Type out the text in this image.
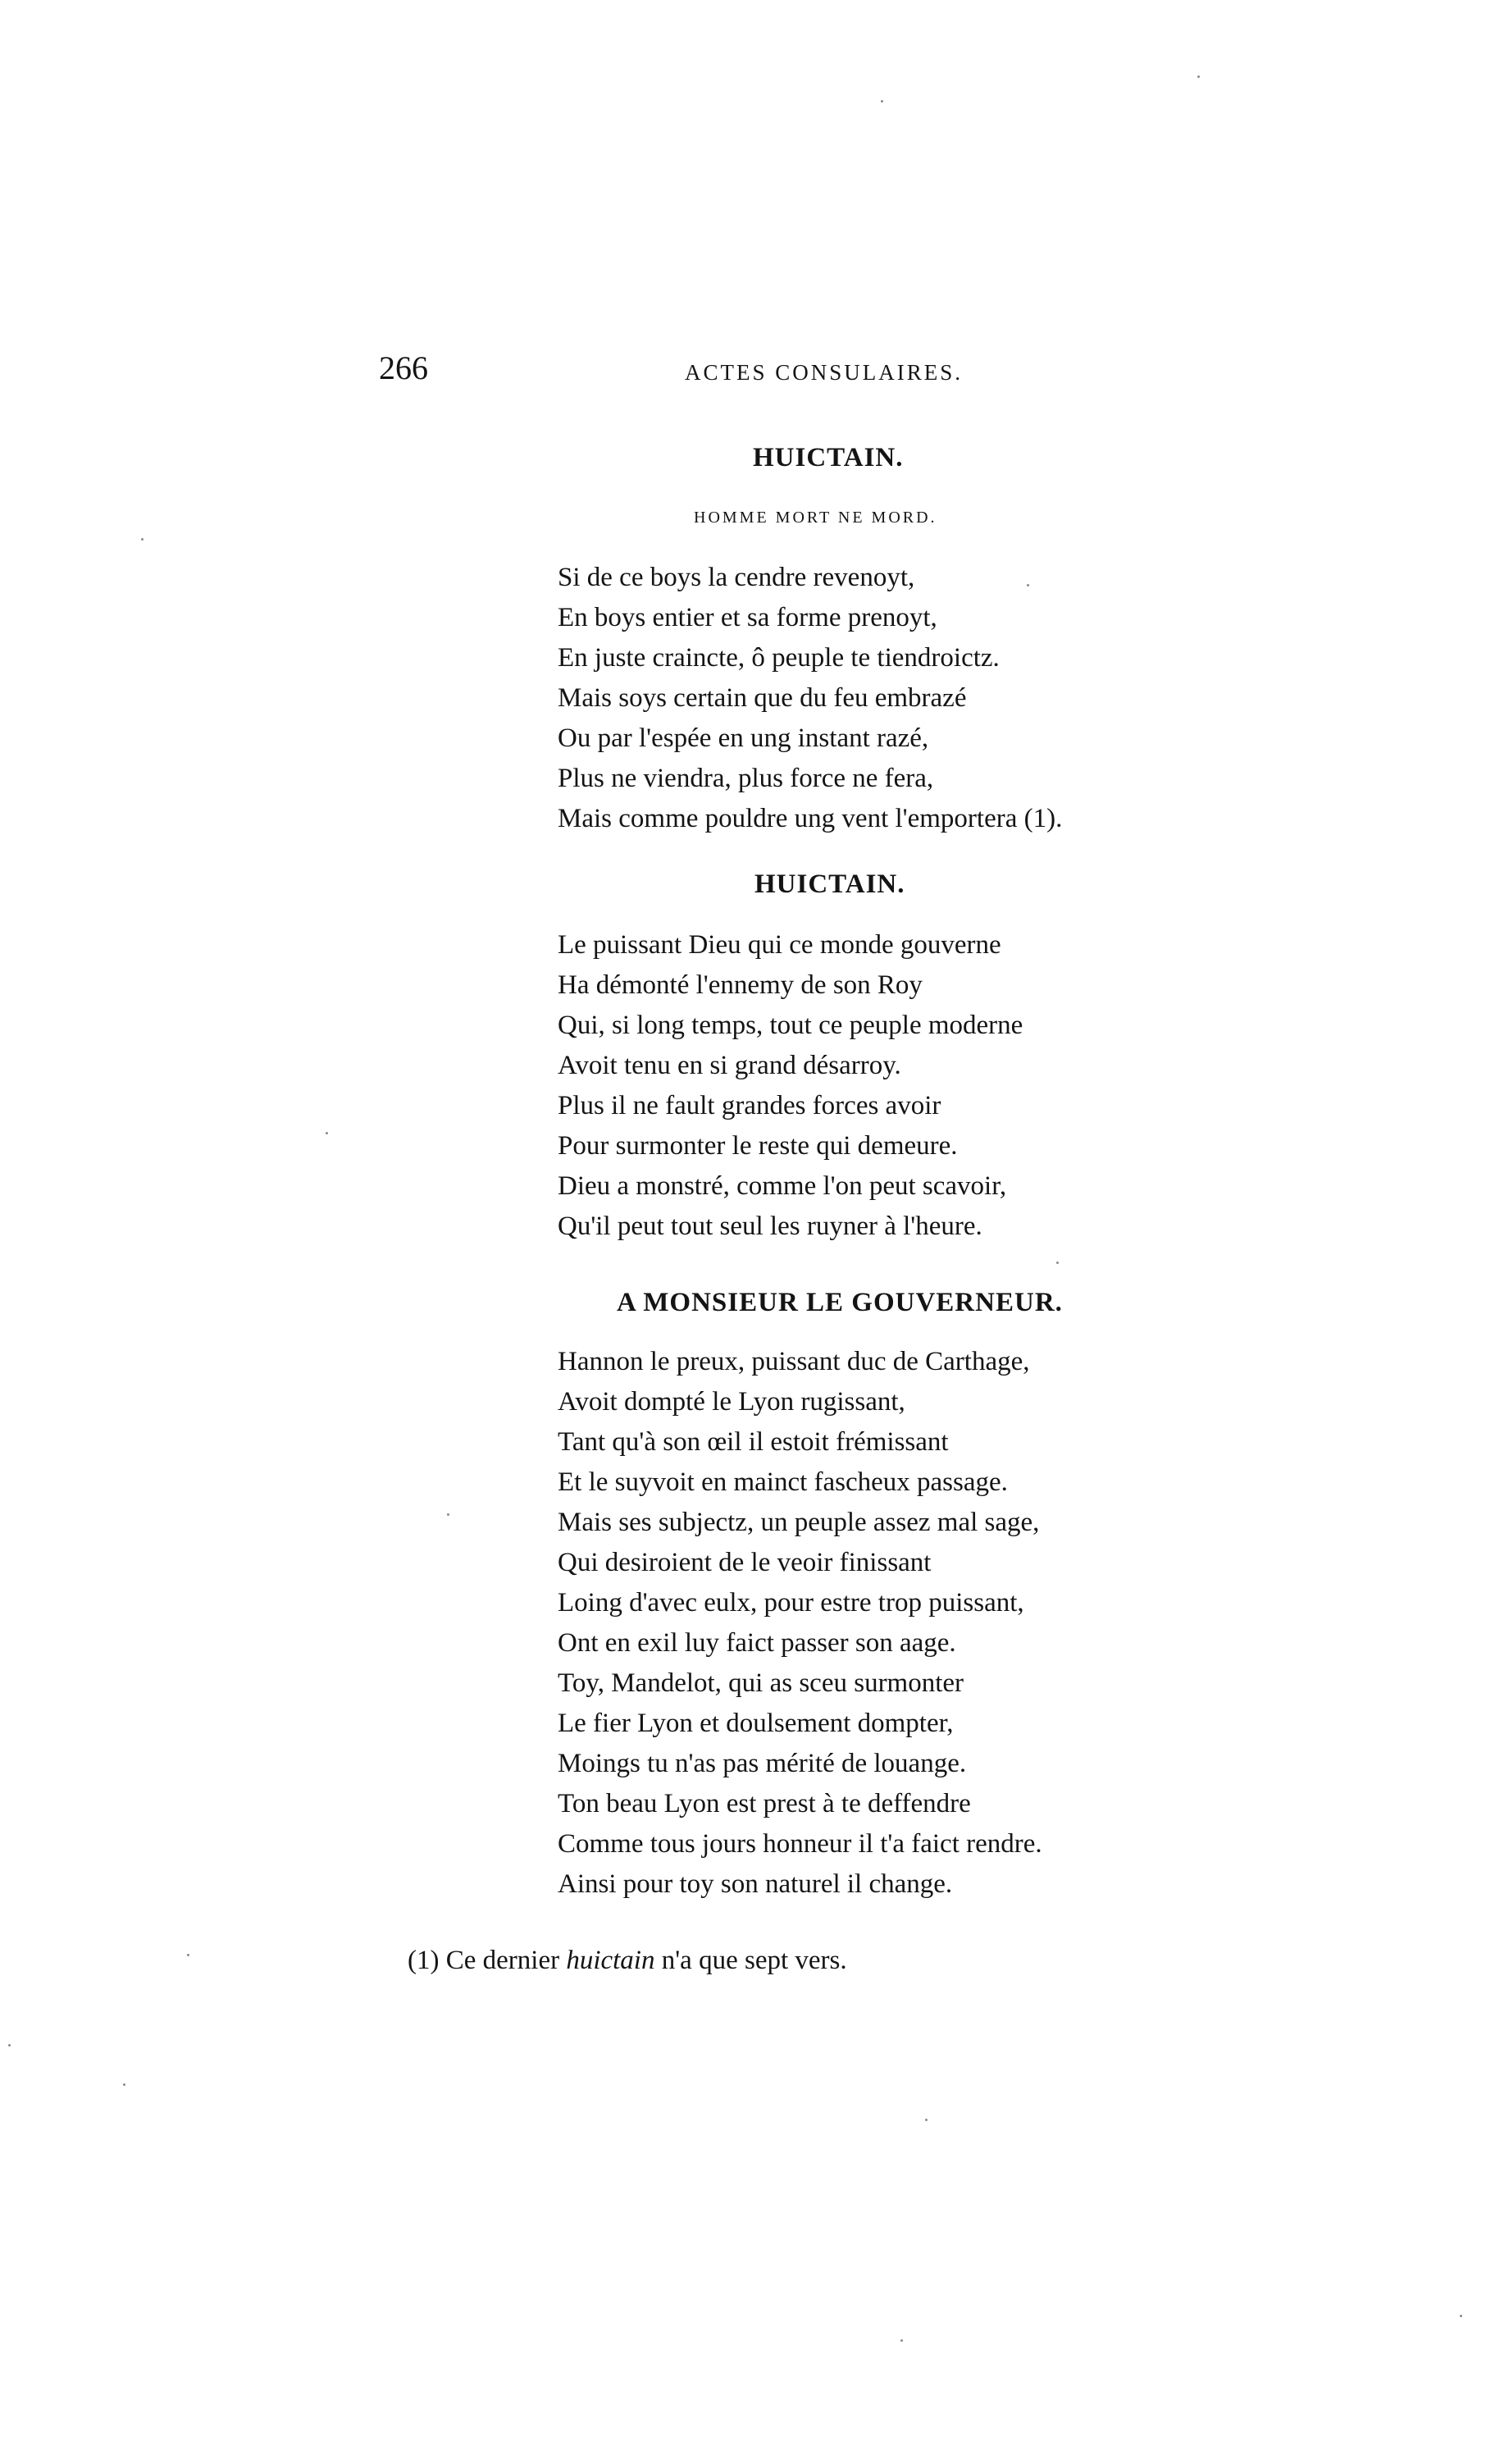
266	ACTES CONSULAIRES.
HUICTAIN.
HOMME MORT NE MORD.
Si de ce boys la cendre revenoyt,
En boys entier et sa forme prenoyt,
En juste craincte, ô peuple te tiendroictz.
Mais soys certain que du feu embrazé
Ou par l'espée en ung instant razé,
Plus ne viendra, plus force ne fera,
Mais comme pouldre ung vent l'emportera (1).
HUICTAIN.
Le puissant Dieu qui ce monde gouverne
Ha démonté l'ennemy de son Roy
Qui, si long temps, tout ce peuple moderne
Avoit tenu en si grand désarroy.
Plus il ne fault grandes forces avoir
Pour surmonter le reste qui demeure.
Dieu a monstré, comme l'on peut scavoir,
Qu'il peut tout seul les ruyner à l'heure.
A MONSIEUR LE GOUVERNEUR.
Hannon le preux, puissant duc de Carthage,
Avoit dompté le Lyon rugissant,
Tant qu'à son œil il estoit frémissant
Et le suyvoit en mainct fascheux passage.
Mais ses subjectz, un peuple assez mal sage,
Qui desiroient de le veoir finissant
Loing d'avec eulx, pour estre trop puissant,
Ont en exil luy faict passer son aage.
Toy, Mandelot, qui as sceu surmonter
Le fier Lyon et doulsement dompter,
Moings tu n'as pas mérité de louange.
Ton beau Lyon est prest à te deffendre
Comme tous jours honneur il t'a faict rendre.
Ainsi pour toy son naturel il change.
(1) Ce dernier huictain n'a que sept vers.
